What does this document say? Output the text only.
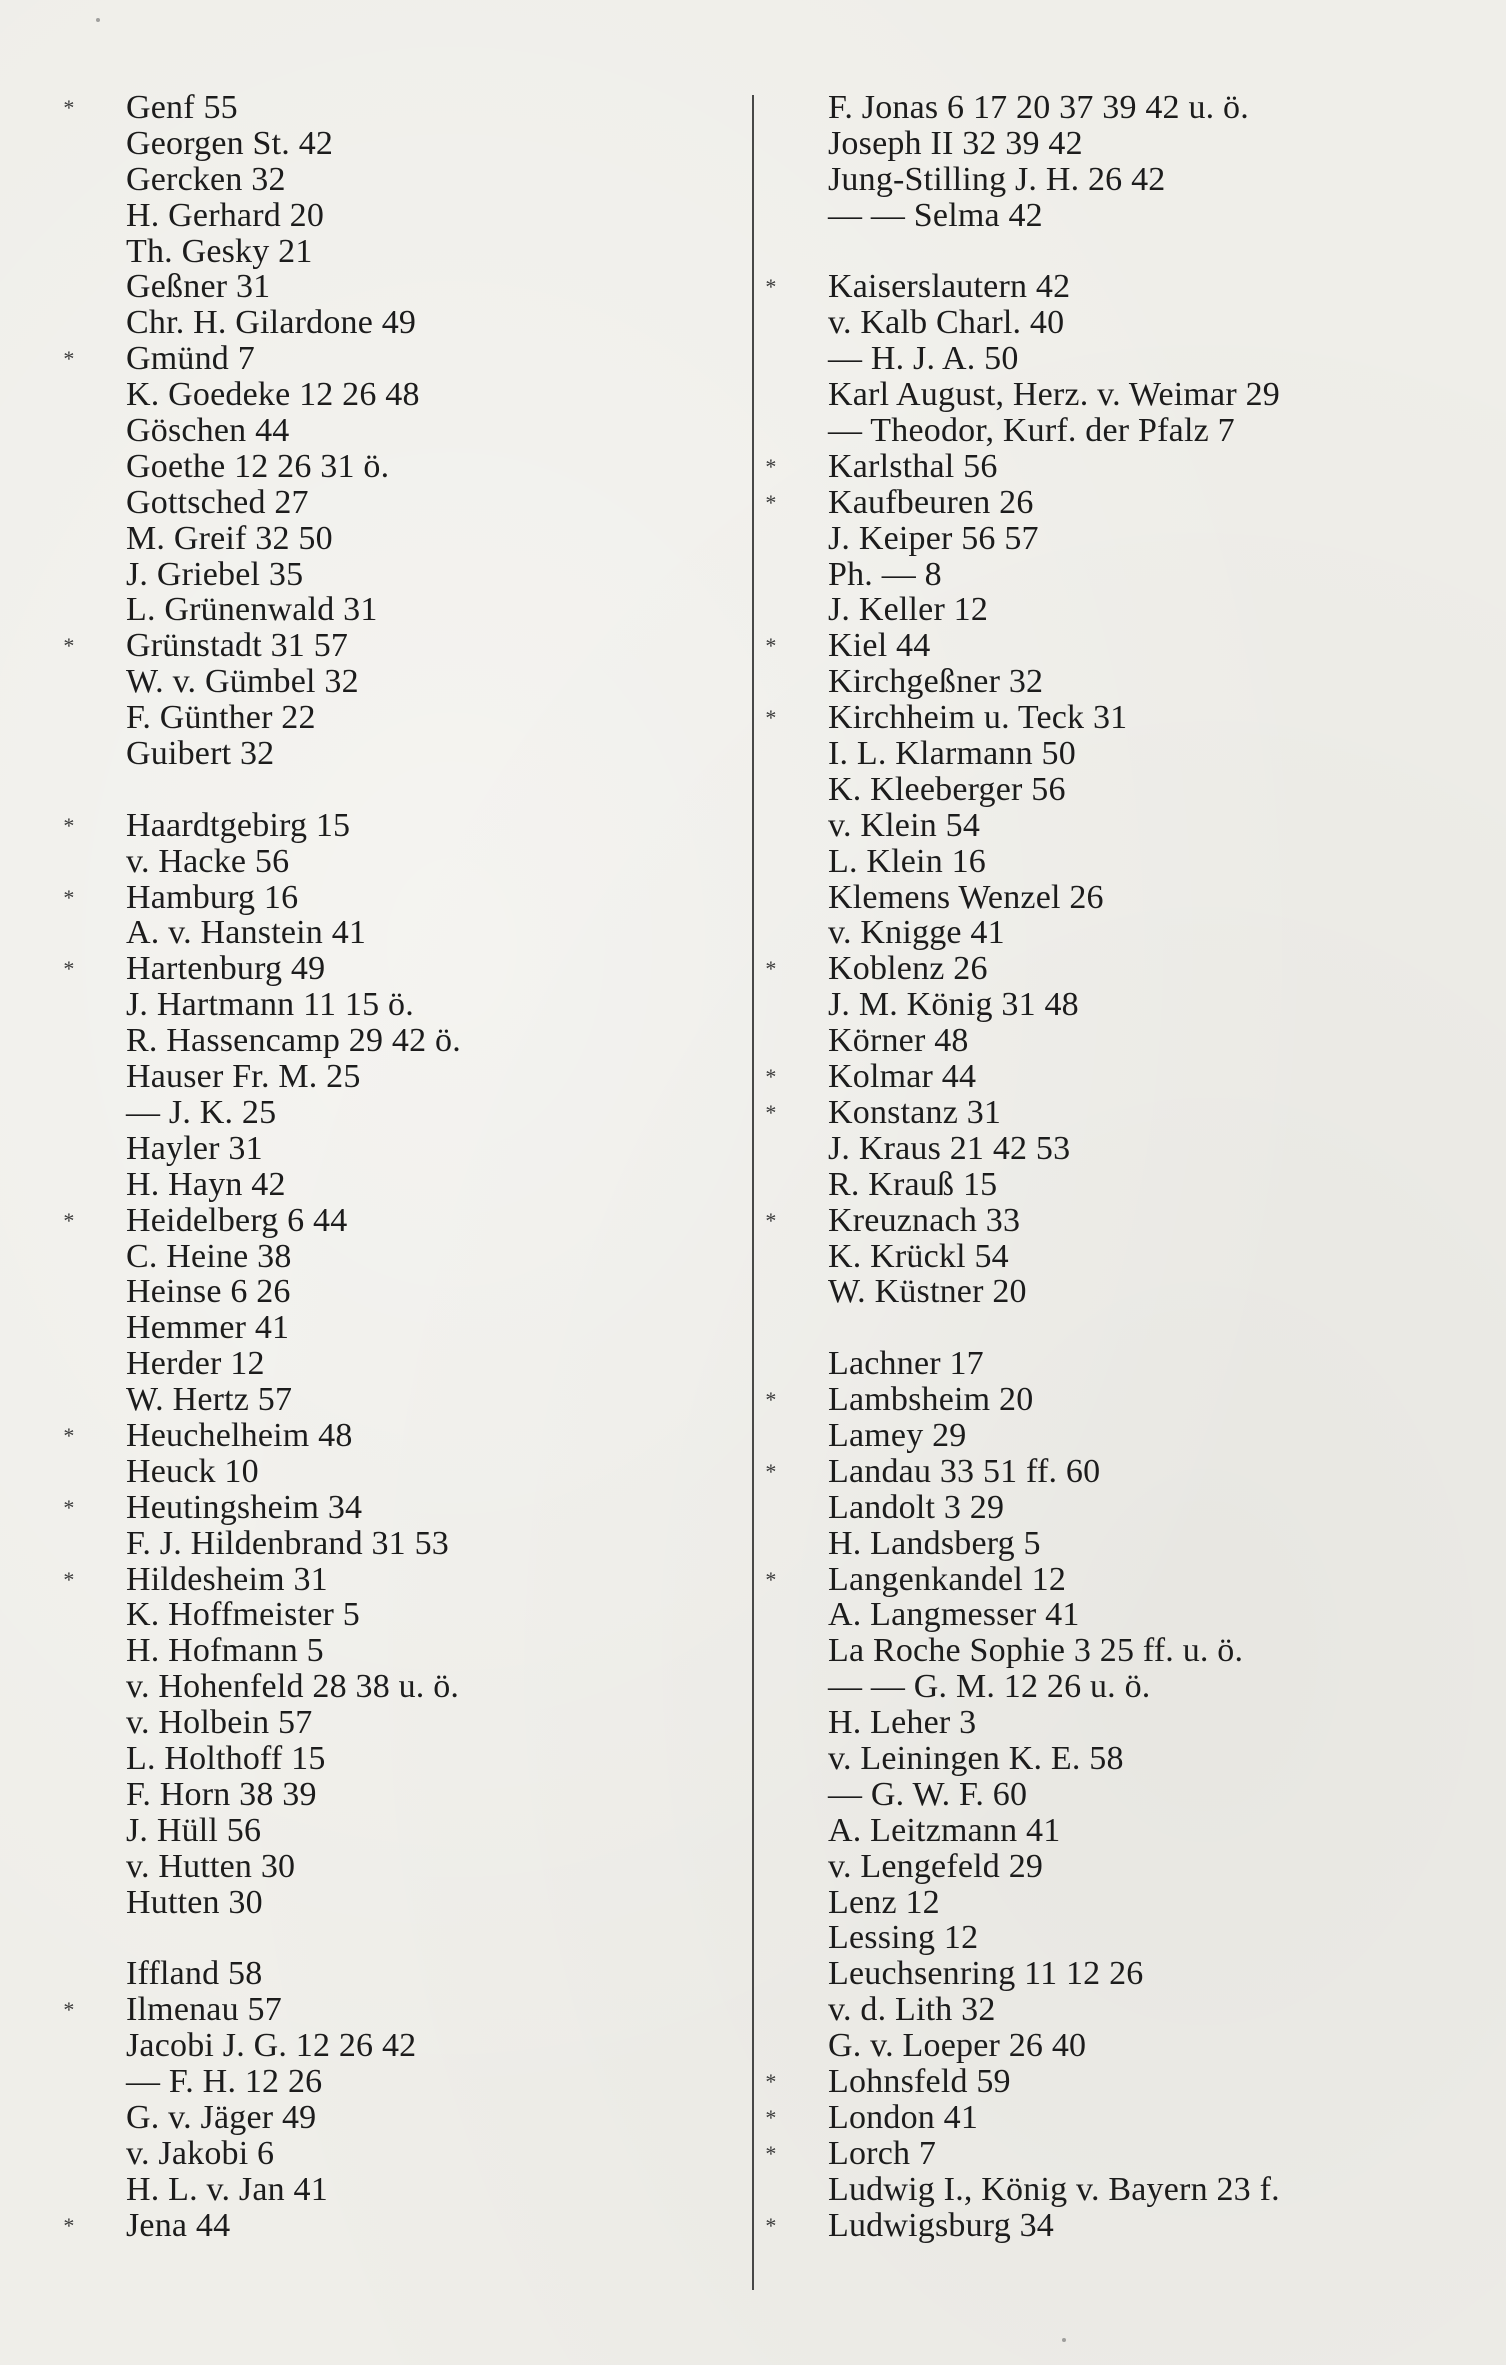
* Genf 55
Georgen St. 42
Gercken 32
H. Gerhard 20
Th. Gesky 21
Geßner 31
Chr. H. Gilardone 49
* Gmünd 7
K. Goedeke 12 26 48
Göschen 44
Goethe 12 26 31 ö.
Gottsched 27
M. Greif 32 50
J. Griebel 35
L. Grünenwald 31
* Grünstadt 31 57
W. v. Gümbel 32
F. Günther 22
Guibert 32
* Haardtgebirg 15
v. Hacke 56
* Hamburg 16
A. v. Hanstein 41
* Hartenburg 49
J. Hartmann 11 15 ö.
R. Hassencamp 29 42 ö.
Hauser Fr. M. 25
— J. K. 25
Hayler 31
H. Hayn 42
* Heidelberg 6 44
C. Heine 38
Heinse 6 26
Hemmer 41
Herder 12
W. Hertz 57
* Heuchelheim 48
Heuck 10
* Heutingsheim 34
F. J. Hildenbrand 31 53
* Hildesheim 31
K. Hoffmeister 5
H. Hofmann 5
v. Hohenfeld 28 38 u. ö.
v. Holbein 57
L. Holthoff 15
F. Horn 38 39
J. Hüll 56
v. Hutten 30
Hutten 30
Iffland 58
* Ilmenau 57
Jacobi J. G. 12 26 42
— F. H. 12 26
G. v. Jäger 49
v. Jakobi 6
H. L. v. Jan 41
* Jena 44
F. Jonas 6 17 20 37 39 42 u. ö.
Joseph II 32 39 42
Jung-Stilling J. H. 26 42
— — Selma 42
* Kaiserslautern 42
v. Kalb Charl. 40
— H. J. A. 50
Karl August, Herz. v. Weimar 29
— Theodor, Kurf. der Pfalz 7
* Karlsthal 56
* Kaufbeuren 26
J. Keiper 56 57
Ph. — 8
J. Keller 12
* Kiel 44
Kirchgeßner 32
* Kirchheim u. Teck 31
I. L. Klarmann 50
K. Kleeberger 56
v. Klein 54
L. Klein 16
Klemens Wenzel 26
v. Knigge 41
* Koblenz 26
J. M. König 31 48
Körner 48
* Kolmar 44
* Konstanz 31
J. Kraus 21 42 53
R. Krauß 15
* Kreuznach 33
K. Krückl 54
W. Küstner 20
Lachner 17
* Lambsheim 20
Lamey 29
* Landau 33 51 ff. 60
Landolt 3 29
H. Landsberg 5
* Langenkandel 12
A. Langmesser 41
La Roche Sophie 3 25 ff. u. ö.
— — G. M. 12 26 u. ö.
H. Leher 3
v. Leiningen K. E. 58
— G. W. F. 60
A. Leitzmann 41
v. Lengefeld 29
Lenz 12
Lessing 12
Leuchsenring 11 12 26
v. d. Lith 32
G. v. Loeper 26 40
* Lohnsfeld 59
* London 41
* Lorch 7
Ludwig I., König v. Bayern 23 f.
* Ludwigsburg 34
